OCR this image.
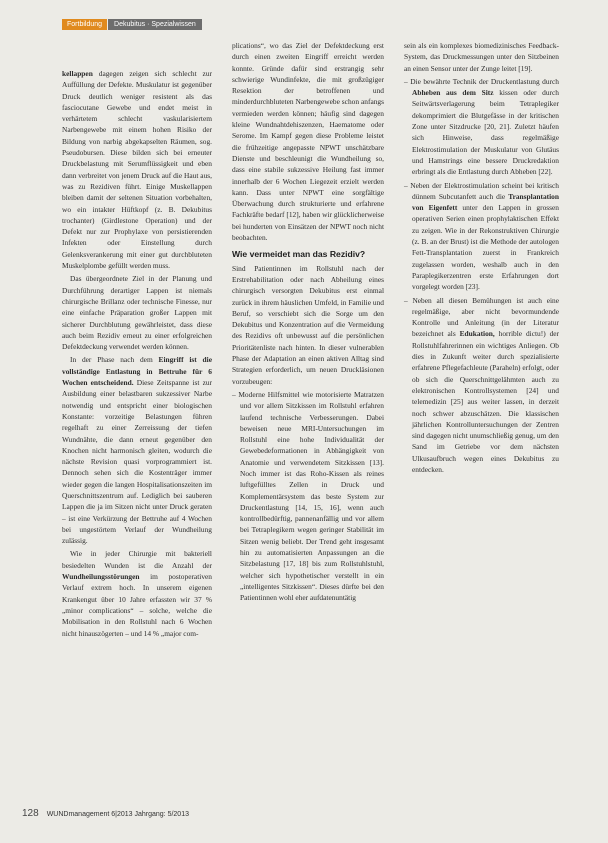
Fortbildung	Dekubitus · Spezialwissen

kellappen dagegen zeigen sich schlecht zur Auffüllung der Defekte. Muskulatur ist gegenüber Druck deutlich weniger resistent als das fasciocutane Gewebe und endet meist in verhärtetem schlecht vaskularisiertem Narbengewebe mit einem hohen Risiko der Bildung von narbig abgekapselten Räumen, sog. Pseudobursen. Diese bilden sich bei erneuter Druckbelastung mit Serumflüssigkeit und eben dann verbreitet von jenem Druck auf die Haut aus, was zu Rezidiven führt. Einige Muskellappen bleiben damit der seltenen Situation vorbehalten, wo ein intakter Hüftkopf (z. B. Dekubitus trochanter) (Girdlestone Operation) und der Defekt nur zur Prophylaxe von persistierenden Infekten oder Einstellung durch Gelenksverankerung mit einer gut durchbluteten Muskelplombe gefüllt werden muss.

Das übergeordnete Ziel in der Planung und Durchführung derartiger Lappen ist niemals chirurgische Brillanz oder technische Finesse, nur eine einfache Präparation großer Lappen mit sicherer Durchblutung gewährleistet, dass diese auch beim Rezidiv erneut zu einer erfolgreichen Defektdeckung verwendet werden können.

In der Phase nach dem Eingriff ist die vollständige Entlastung in Bettruhe für 6 Wochen entscheidend. Diese Zeitspanne ist zur Ausbildung einer belastbaren sukzessiver Narbe notwendig und entspricht einer biologischen Konstante: vorzeitige Belastungen führen regelhaft zu einer Zerreissung der tiefen Wundnähte, die dann erneut gegenüber den Knochen nicht harmonisch gleiten, wodurch die nächste Revision quasi vorprogrammiert ist. Dennoch sehen sich die Kostenträger immer wieder gegen die langen Hospitalisationszeiten im Querschnittszentrum auf. Lediglich bei sauberen Lappen die ja im Sitzen nicht unter Druck geraten – ist eine Verkürzung der Bettruhe auf 4 Wochen bei ungestörtem Verlauf der Wundheilung zulässig.

Wie in jeder Chirurgie mit bakteriell besiedelten Wunden ist die Anzahl der Wundheilungsstörungen im postoperativen Verlauf extrem hoch. In unserem eigenen Krankengut über 10 Jahre erfassten wir 37 % „minor complications“ – solche, welche die Mobilisation in den Rollstuhl nach 6 Wochen nicht hinauszögerten – und 14 % „major com-

plications“, wo das Ziel der Defektdeckung erst durch einen zweiten Eingriff erreicht werden konnte. Gründe dafür sind erstrangig sehr schwierige Wundinfekte, die mit großzügiger Resektion der betroffenen und minderdurchbluteten Narbengewebe schon anfangs vermieden werden können; häufig sind dagegen kleine Wundnahtdehiszenzen, Haematome oder Serome. Im Kampf gegen diese Probleme leistet die frühzeitige angepasste NPWT unschätzbare Dienste und beschleunigt die Wundheilung so, dass eine stabile sukzessive Heilung fast immer innerhalb der 6 Wochen Liegezeit erzielt werden kann. Dass unter NPWT eine sorgfältige Überwachung durch strukturierte und erfahrene Fachkräfte bedarf [12], haben wir glücklicherweise bei hunderten von Einsätzen der NPWT noch nicht beobachten.

Wie vermeidet man das Rezidiv?

Sind Patientinnen im Rollstuhl nach der Erstrehabilitation oder nach Abheilung eines chirurgisch versorgten Dekubitus erst einmal zurück in ihrem häuslichen Umfeld, in Familie und Beruf, so verschiebt sich die Sorge um den Dekubitus und Konzentration auf die Vermeidung des Rezidivs oft unbewusst auf die persönlichen Prioritätenliste nach hinten. In dieser vulnerablen Phase der Adaptation an einen aktiven Alltag sind Strategien erforderlich, um neuen Druckläsionen vorzubeugen:

– Moderne Hilfsmittel wie motorisierte Matratzen und vor allem Sitzkissen im Rollstuhl erfahren laufend technische Verbesserungen. Dabei beweisen neue MRI-Untersuchungen im Rollstuhl eine hohe Individualität der Gewebedeformationen in Abhängigkeit von Anatomie und verwendetem Sitzkissen [13]. Noch immer ist das Roho-Kissen als reines luftgefülltes Zellen in Druck und Komplementärsystem das beste System zur Druckentlastung [14, 15, 16], wenn auch kontrollbedürftig, pannenanfällig und vor allem bei Tetraplegikern wegen geringer Stabilität im Sitzen wenig beliebt. Der Trend geht insgesamt hin zu automatisierten Anpassungen an die Sitzbelastung [17, 18] bis zum Rollstuhlstuhl, welcher sich hypothetischer verstellt in ein „intelligentes Sitzkissen“. Dieses dürfte bei den Patientinnen wohl eher aufdatenuntätig

sein als ein komplexes biomedizinisches Feedback-System, das Druckmessungen unter den Sitzbeinen an einen Sensor unter der Zunge leitet [19].

– Die bewährte Technik der Druckentlastung durch Abheben aus dem Sitz kissen oder durch Seitwärtsverlagerung beim Tetraplegiker dekomprimiert die Blutgefässe in der kritischen Zone unter Sitzdrucke [20, 21]. Zuletzt häufen sich Hinweise, dass regelmäßige Elektrostimulation der Muskulatur von Glutäus und Hamstrings eine bessere Druckredaktion erbringt als die Entlastung durch Abheben [22].
– Neben der Elektrostimulation scheint bei kritisch dünnem Subcutanfett auch die Transplantation von Eigenfett unter den Lappen in grossen operativen Serien einen prophylaktischen Effekt zu zeigen. Wie in der Rekonstruktiven Chirurgie (z. B. an der Brust) ist die Methode der autologen Fett-Transplantation zuerst in Frankreich zugelassen worden, weshalb auch in den Paraplegikerzentren erste Erfahrungen dort vorgelegt worden [23].
– Neben all diesen Bemühungen ist auch eine regelmäßige, aber nicht bevormundende Kontrolle und Anleitung (in der Literatur bezeichnet als Edukation, horrible dictu!) der Rollstuhlfahrerinnen ein wichtiges Anliegen. Ob dies in Zukunft weiter durch spezialisierte erfahrene Pflegefachleute (Paraheln) erfolgt, oder ob sich die Querschnittgelähmten auch zu elektronischen Kontrollsystemen [24] und telemedizin [25] aus weiter lassen, in derzeit noch schwer abzuschätzen. Die klassischen jährlichen Kontrolluntersuchungen der Zentren sind dagegen nicht unumschließig genug, um den Sand im Getriebe vor dem nächsten Ulkusaufbruch wegen eines Dekubitus zu entdecken.
128 WUNDmanagement 6|2013 Jahrgang: 5/2013
